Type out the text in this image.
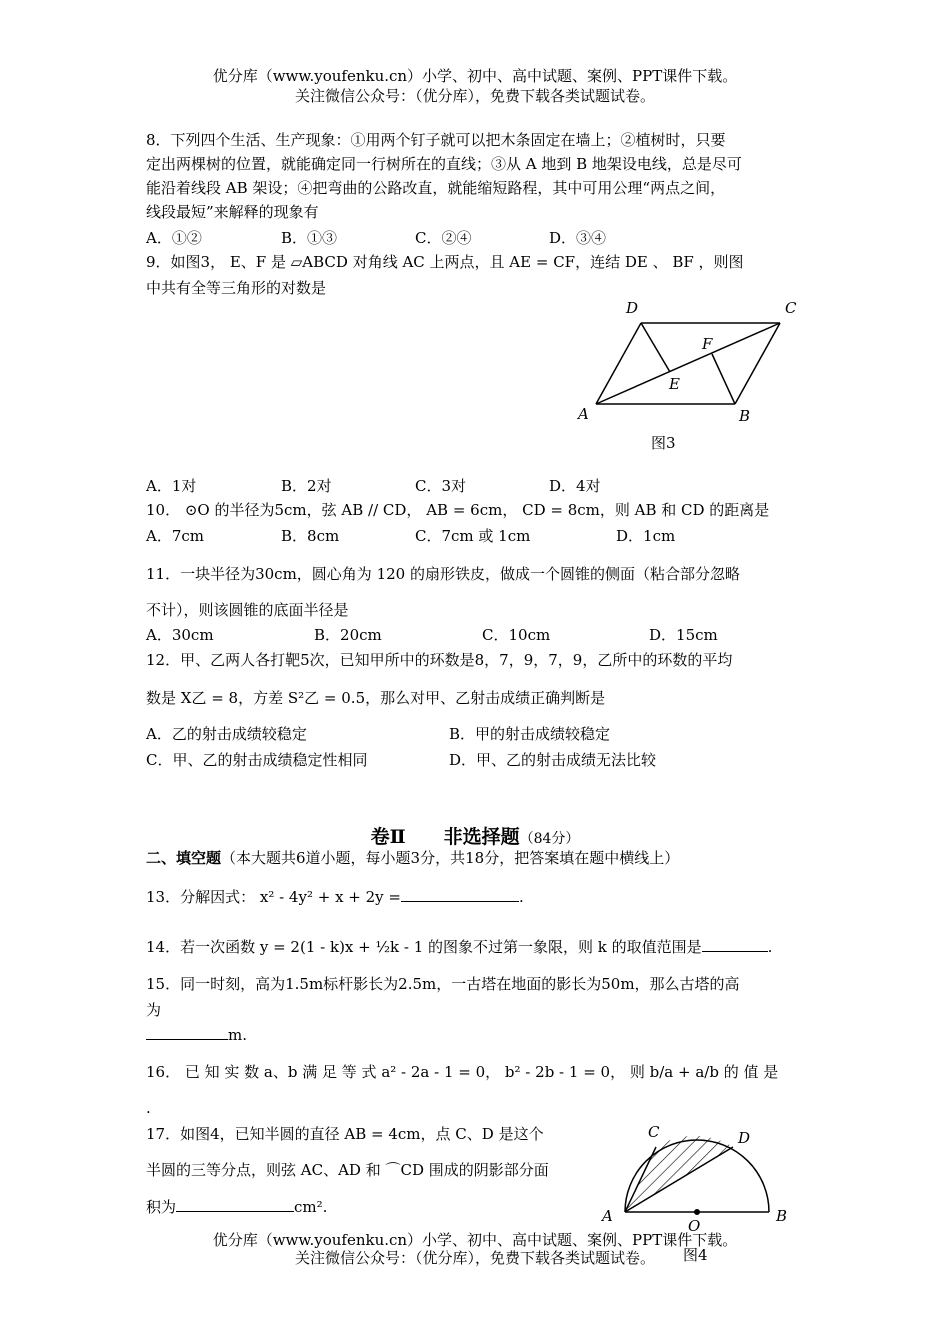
优分库（www.youfenku.cn）小学、初中、高中试题、案例、PPT课件下载。
关注微信公众号：（优分库），免费下载各类试题试卷。
8．下列四个生活、生产现象：①用两个钉子就可以把木条固定在墙上；②植树时，只要
定出两棵树的位置，就能确定同一行树所在的直线；③从 A 地到 B 地架设电线，总是尽可
能沿着线段 AB 架设；④把弯曲的公路改直，就能缩短路程，其中可用公理“两点之间，
线段最短”来解释的现象有
A．①②	B．①③	C．②④	D．③④
9．如图3， E、F 是 ▱ABCD 对角线 AC 上两点，且 AE = CF，连结 DE 、 BF ，则图
中共有全等三角形的对数是
A	B
C
D
E
F
图3
A．1对	B．2对	C．3对	D．4对
10． ⊙O 的半径为5cm，弦 AB // CD， AB = 6cm， CD = 8cm，则 AB 和 CD 的距离是
A．7cm	B．8cm	C．7cm 或 1cm	D．1cm
11．一块半径为30cm，圆心角为 120 的扇形铁皮，做成一个圆锥的侧面（粘合部分忽略
不计），则该圆锥的底面半径是
A．30cm	B．20cm	C．10cm	D．15cm
12．甲、乙两人各打靶5次，已知甲所中的环数是8，7，9，7，9，乙所中的环数的平均
数是 X乙 = 8，方差 S²乙 = 0.5，那么对甲、乙射击成绩正确判断是
A．乙的射击成绩较稳定	B．甲的射击成绩较稳定
C．甲、乙的射击成绩稳定性相同	D．甲、乙的射击成绩无法比较
卷Ⅱ　　非选择题（84分）
二、填空题（本大题共6道小题，每小题3分，共18分，把答案填在题中横线上）
13．分解因式： x² - 4y² + x + 2y =	.
14．若一次函数 y = 2(1 - k)x + ½k - 1 的图象不过第一象限，则 k 的取值范围是	.
15．同一时刻，高为1.5m标杆影长为2.5m，一古塔在地面的影长为50m，那么古塔的高
为
m.
16． 已 知 实 数 a、b 满 足 等 式 a² - 2a - 1 = 0， b² - 2b - 1 = 0， 则 b/a + a/b 的 值 是
.
17．如图4，已知半圆的直径 AB = 4cm，点 C、D 是这个
半圆的三等分点，则弦 AC、AD 和 ⌒CD 围成的阴影部分面
积为	cm².	A	B
C	D
O
图4
优分库（www.youfenku.cn）小学、初中、高中试题、案例、PPT课件下载。
关注微信公众号：（优分库），免费下载各类试题试卷。
